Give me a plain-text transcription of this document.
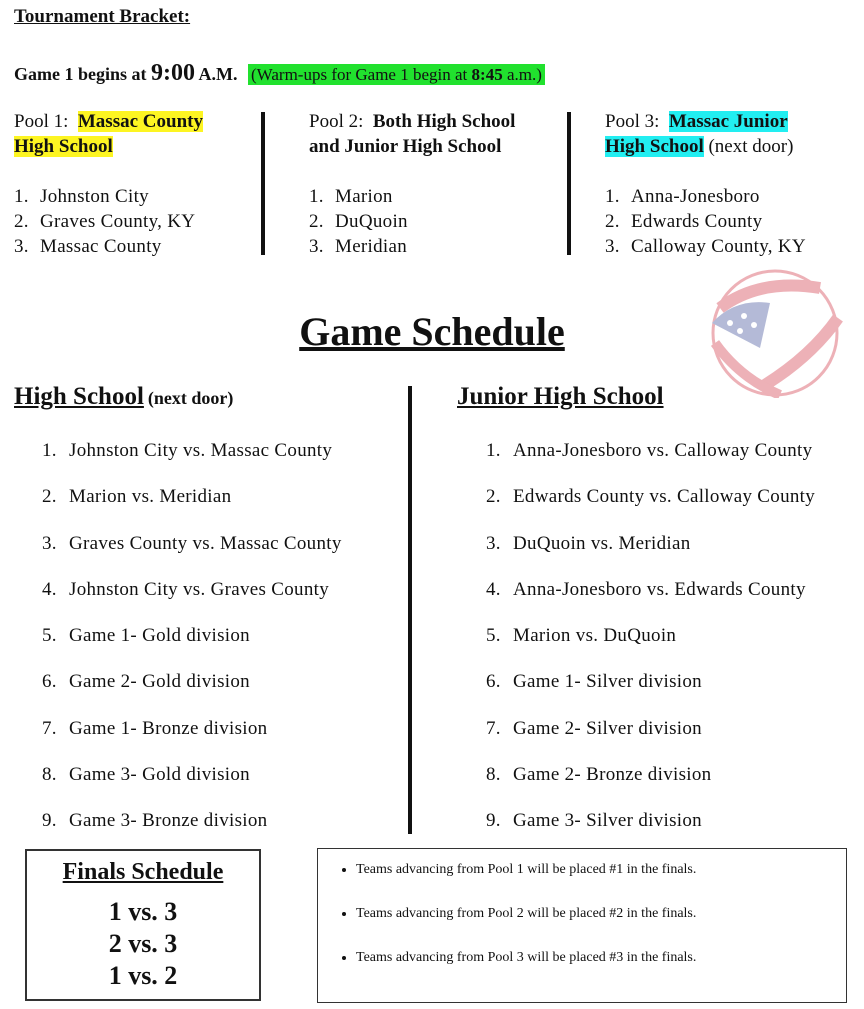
Tournament Bracket:
Game 1 begins at 9:00 A.M. (Warm-ups for Game 1 begin at 8:45 a.m.)
Pool 1: Massac County
High School
1. Johnston City
2. Graves County, KY
3. Massac County
Pool 2: Both High School
and Junior High School
1. Marion
2. DuQuoin
3. Meridian
Pool 3: Massac Junior
High School (next door)
1. Anna-Jonesboro
2. Edwards County
3. Calloway County, KY
Game Schedule
High School (next door)
1. Johnston City vs. Massac County
2. Marion vs. Meridian
3. Graves County vs. Massac County
4. Johnston City vs. Graves County
5. Game 1- Gold division
6. Game 2- Gold division
7. Game 1- Bronze division
8. Game 3- Gold division
9. Game 3- Bronze division
Junior High School
1. Anna-Jonesboro vs. Calloway County
2. Edwards County vs. Calloway County
3. DuQuoin vs. Meridian
4. Anna-Jonesboro vs. Edwards County
5. Marion vs. DuQuoin
6. Game 1- Silver division
7. Game 2- Silver division
8. Game 2- Bronze division
9. Game 3- Silver division
Finals Schedule
1 vs. 3
2 vs. 3
1 vs. 2
• Teams advancing from Pool 1 will be placed #1 in the finals.
• Teams advancing from Pool 2 will be placed #2 in the finals.
• Teams advancing from Pool 3 will be placed #3 in the finals.
